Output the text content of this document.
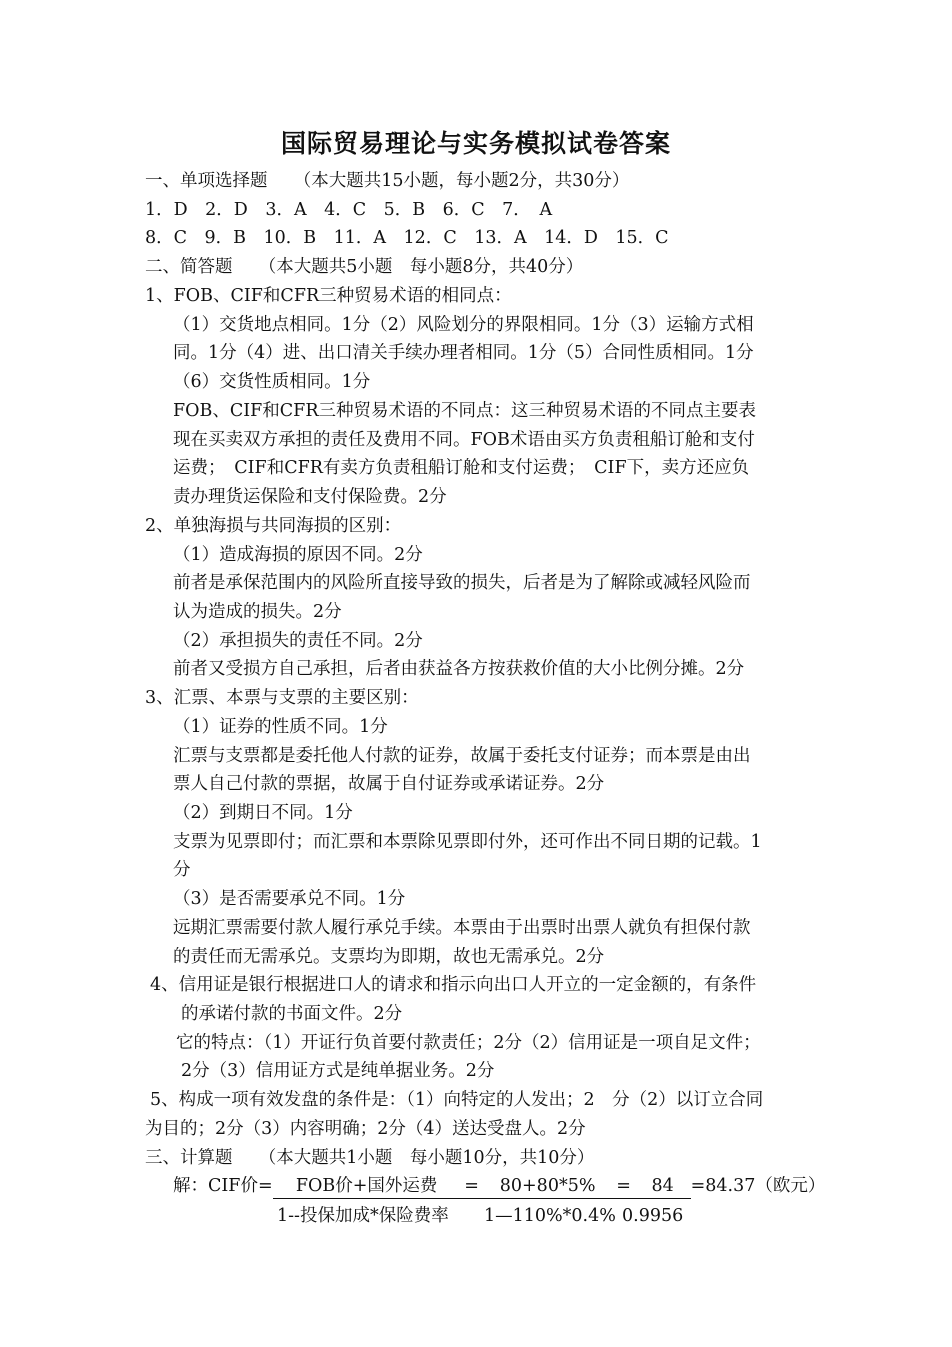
国际贸易理论与实务模拟试卷答案
一、单项选择题　　（本大题共15小题，每小题2分，共30分）
1．D　2．D　3．A　4．C　5．B　6．C　7．　A
8．C　9．B　10．B　11．A　12．C　13．A　14．D　15．C
二、简答题　　（本大题共5小题　每小题8分，共40分）
1、FOB、CIF和CFR三种贸易术语的相同点：
（1）交货地点相同。1分（2）风险划分的界限相同。1分（3）运输方式相
同。1分（4）进、出口清关手续办理者相同。1分（5）合同性质相同。1分
（6）交货性质相同。1分
FOB、CIF和CFR三种贸易术语的不同点：这三种贸易术语的不同点主要表
现在买卖双方承担的责任及费用不同。FOB术语由买方负责租船订舱和支付
运费；　CIF和CFR有卖方负责租船订舱和支付运费；　CIF下，卖方还应负
责办理货运保险和支付保险费。2分
2、单独海损与共同海损的区别：
（1）造成海损的原因不同。2分
前者是承保范围内的风险所直接导致的损失，后者是为了解除或减轻风险而
认为造成的损失。2分
（2）承担损失的责任不同。2分
前者又受损方自己承担，后者由获益各方按获救价值的大小比例分摊。2分
3、汇票、本票与支票的主要区别：
（1）证券的性质不同。1分
汇票与支票都是委托他人付款的证券，故属于委托支付证券；而本票是由出
票人自己付款的票据，故属于自付证券或承诺证券。2分
（2）到期日不同。1分
支票为见票即付；而汇票和本票除见票即付外，还可作出不同日期的记载。1
分
（3）是否需要承兑不同。1分
远期汇票需要付款人履行承兑手续。本票由于出票时出票人就负有担保付款
的责任而无需承兑。支票均为即期，故也无需承兑。2分
4、信用证是银行根据进口人的请求和指示向出口人开立的一定金额的，有条件
的承诺付款的书面文件。2分
它的特点：（1）开证行负首要付款责任；2分（2）信用证是一项自足文件；
2分（3）信用证方式是纯单据业务。2分
5、构成一项有效发盘的条件是：（1）向特定的人发出；2　分（2）以订立合同
为目的；2分（3）内容明确；2分（4）送达受盘人。2分
三、计算题　　（本大题共1小题　每小题10分，共10分）
解：CIF价= FOB价+国外运费 = 80+80*5% = 84 =84.37（欧元）
1--投保加成*保险费率 1—110%*0.4% 0.9956
